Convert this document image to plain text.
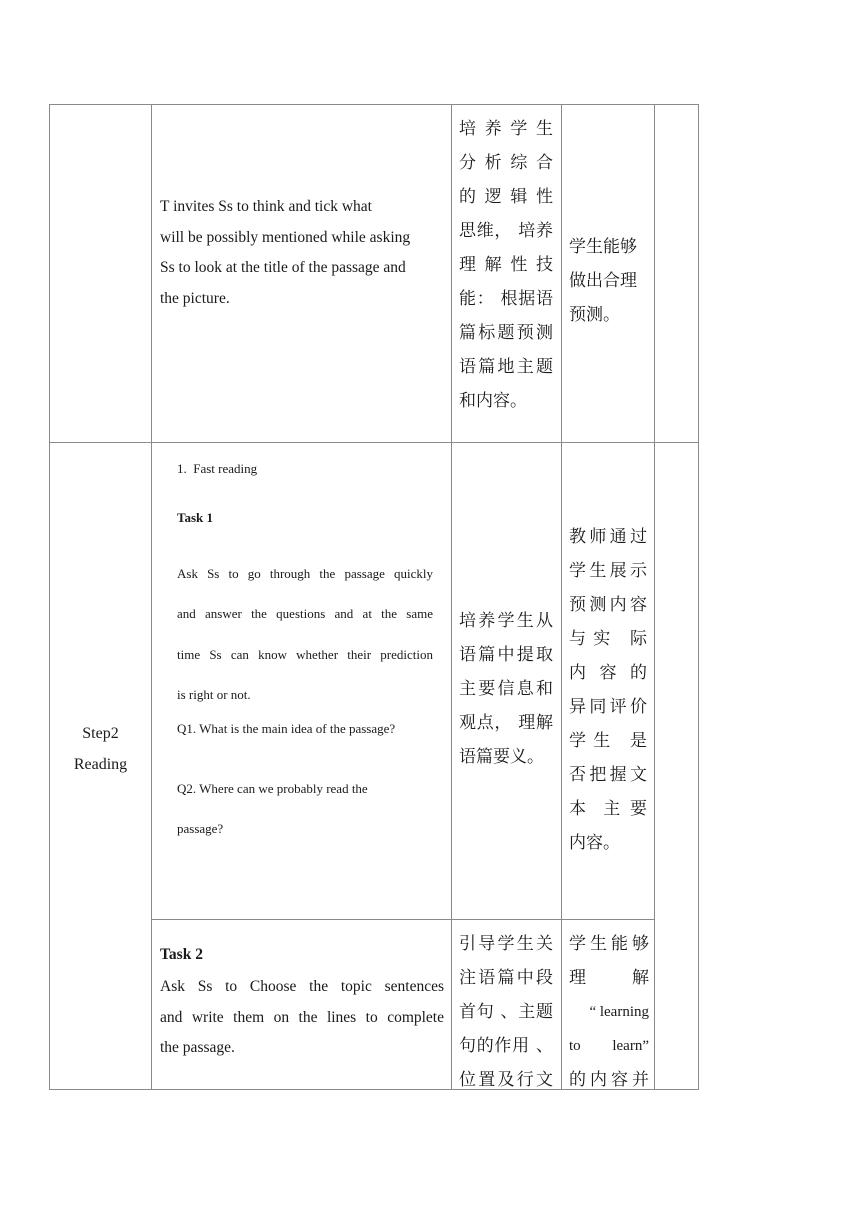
T invites Ss to think and tick what
will be possibly mentioned while asking
Ss to look at the title of the passage and
the picture.
培 养 学 生
分 析 综 合
的 逻 辑 性
思维， 培养
理 解 性 技
能： 根据语
篇标题预测
语篇地主题
和内容。
学生能够
做出合理
预测。
Step2
Reading
1.  Fast reading
Task 1
Ask Ss to go through the passage quickly
and answer the questions and at the same
time Ss can know whether their prediction
is right or not.
Q1. What is the main idea of the passage?
Q2. Where can we probably read the
passage?
培养学生从
语篇中提取
主要信息和
观点， 理解
语篇要义。
教师通过
学生展示
预测内容
与 实   际
内 容 的
异同评价
学 生   是
否把握文
本  主 要
内容。
Task 2
Ask Ss to Choose the topic sentences
and write them on the lines to complete
the passage.
引导学生关
注语篇中段
首句 、主题
句的作用 、
位置及行文
学生能够
理     解
“ learning
to    learn”
的内容并
